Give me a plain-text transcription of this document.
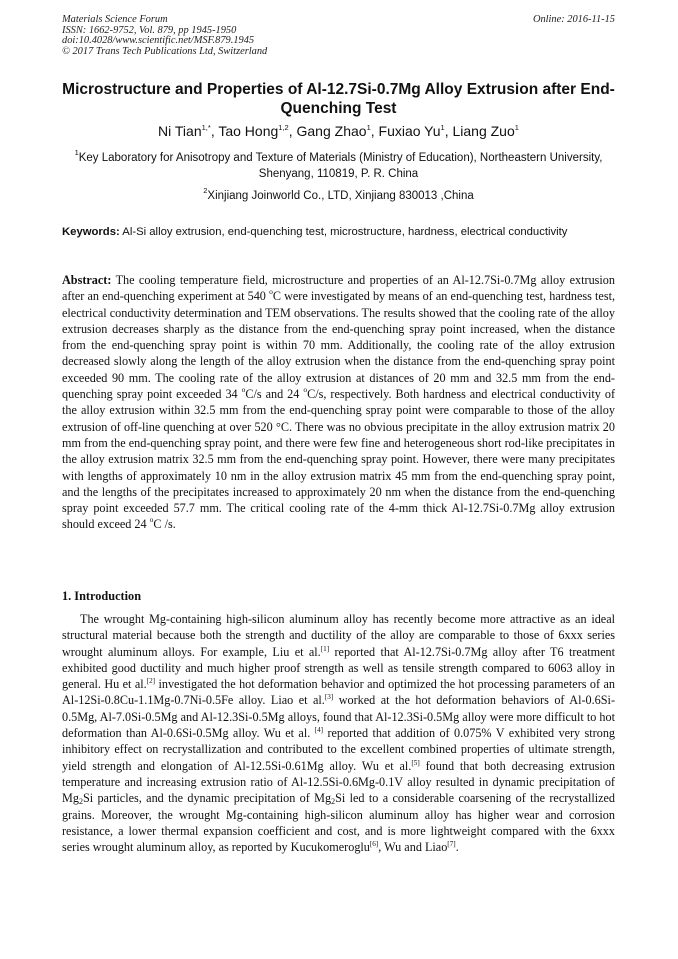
Materials Science Forum
ISSN: 1662-9752, Vol. 879, pp 1945-1950
doi:10.4028/www.scientific.net/MSF.879.1945
© 2017 Trans Tech Publications Ltd, Switzerland
Online: 2016-11-15
Microstructure and Properties of Al-12.7Si-0.7Mg Alloy Extrusion after End-Quenching Test
Ni Tian$^{1,*}$, Tao Hong$^{1,2}$, Gang Zhao$^1$, Fuxiao Yu$^1$, Liang Zuo$^1$
$^1$Key Laboratory for Anisotropy and Texture of Materials (Ministry of Education), Northeastern University, Shenyang, 110819, P. R. China
$^2$Xinjiang Joinworld Co., LTD, Xinjiang 830013 ,China
Keywords: Al-Si alloy extrusion, end-quenching test, microstructure, hardness, electrical conductivity
Abstract: The cooling temperature field, microstructure and properties of an Al-12.7Si-0.7Mg alloy extrusion after an end-quenching experiment at 540 $^o$C were investigated by means of an end-quenching test, hardness test, electrical conductivity determination and TEM observations. The results showed that the cooling rate of the alloy extrusion decreases sharply as the distance from the end-quenching spray point increased, when the distance from the end-quenching spray point is within 70 mm. Additionally, the cooling rate of the alloy extrusion decreased slowly along the length of the alloy extrusion when the distance from the end-quenching spray point exceeded 90 mm. The cooling rate of the alloy extrusion at distances of 20 mm and 32.5 mm from the end-quenching spray point exceeded 34 $^o$C/s and 24 $^o$C/s, respectively. Both hardness and electrical conductivity of the alloy extrusion within 32.5 mm from the end-quenching spray point were comparable to those of the alloy extrusion of off-line quenching at over 520 °C. There was no obvious precipitate in the alloy extrusion matrix 20 mm from the end-quenching spray point, and there were few fine and heterogeneous short rod-like precipitates in the alloy extrusion matrix 32.5 mm from the end-quenching spray point. However, there were many precipitates with lengths of approximately 10 nm in the alloy extrusion matrix 45 mm from the end-quenching spray point, and the lengths of the precipitates increased to approximately 20 nm when the distance from the end-quenching spray point exceeded 57.7 mm. The critical cooling rate of the 4-mm thick Al-12.7Si-0.7Mg alloy extrusion should exceed 24 $^o$C /s.
1. Introduction
The wrought Mg-containing high-silicon aluminum alloy has recently become more attractive as an ideal structural material because both the strength and ductility of the alloy are comparable to those of 6xxx series wrought aluminum alloys. For example, Liu et al.[1] reported that Al-12.7Si-0.7Mg alloy after T6 treatment exhibited good ductility and much higher proof strength as well as tensile strength compared to 6063 alloy in general. Hu et al.[2] investigated the hot deformation behavior and optimized the hot processing parameters of an Al-12Si-0.8Cu-1.1Mg-0.7Ni-0.5Fe alloy. Liao et al.[3] worked at the hot deformation behaviors of Al-0.6Si-0.5Mg, Al-7.0Si-0.5Mg and Al-12.3Si-0.5Mg alloys, found that Al-12.3Si-0.5Mg alloy were more difficult to hot deformation than Al-0.6Si-0.5Mg alloy. Wu et al. [4] reported that addition of 0.075% V exhibited very strong inhibitory effect on recrystallization and contributed to the excellent combined properties of ultimate strength, yield strength and elongation of Al-12.5Si-0.61Mg alloy. Wu et al.[5] found that both decreasing extrusion temperature and increasing extrusion ratio of Al-12.5Si-0.6Mg-0.1V alloy resulted in dynamic precipitation of $Mg_2Si$ particles, and the dynamic precipitation of $Mg_2Si$ led to a considerable coarsening of the recrystallized grains. Moreover, the wrought Mg-containing high-silicon aluminum alloy has higher wear and corrosion resistance, a lower thermal expansion coefficient and cost, and is more lightweight compared with the 6xxx series wrought aluminum alloy, as reported by Kucukomeroglu[6], Wu and Liao[7].
